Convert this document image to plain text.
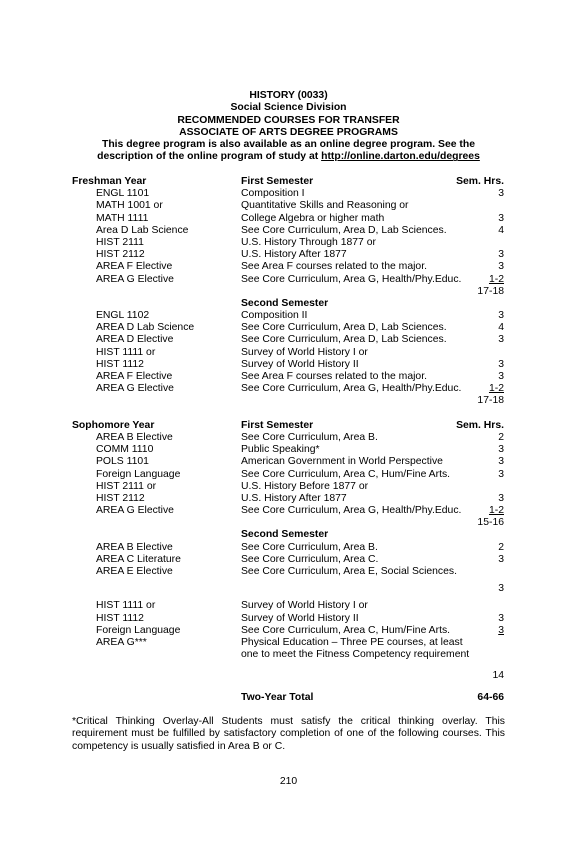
HISTORY (0033)
Social Science Division
RECOMMENDED COURSES FOR TRANSFER
ASSOCIATE OF ARTS DEGREE PROGRAMS
This degree program is also available as an online degree program. See the
description of the online program of study at http://online.darton.edu/degrees
Freshman Year	First Semester	Sem. Hrs.
ENGL 1101	Composition I	3
MATH 1001 or	Quantitative Skills and Reasoning or
MATH 1111	College Algebra or higher math	3
Area D Lab Science	See Core Curriculum, Area D, Lab Sciences.	4
HIST 2111	U.S. History Through 1877 or
HIST 2112	U.S. History After 1877	3
AREA F Elective	See Area F courses related to the major.	3
AREA G Elective	See Core Curriculum, Area G, Health/Phy.Educ.	1-2
17-18
Second Semester
ENGL 1102	Composition II	3
AREA D Lab Science	See Core Curriculum, Area D, Lab Sciences.	4
AREA D Elective	See Core Curriculum, Area D, Lab Sciences.	3
HIST 1111 or	Survey of World History I or
HIST 1112	Survey of World History II	3
AREA F Elective	See Area F courses related to the major.	3
AREA G Elective	See Core Curriculum, Area G, Health/Phy.Educ.	1-2
17-18
Sophomore Year	First Semester	Sem. Hrs.
AREA B Elective	See Core Curriculum, Area B.	2
COMM 1110	Public Speaking*	3
POLS 1101	American Government in World Perspective	3
Foreign Language	See Core Curriculum, Area C, Hum/Fine Arts.	3
HIST 2111 or	U.S. History Before 1877 or
HIST 2112	U.S. History After 1877	3
AREA G Elective	See Core Curriculum, Area G, Health/Phy.Educ.	1-2
15-16
Second Semester
AREA B Elective	See Core Curriculum, Area B.	2
AREA C Literature	See Core Curriculum, Area C.	3
AREA E Elective	See Core Curriculum, Area E, Social Sciences.
3
HIST 1111 or	Survey of World History I or
HIST 1112	Survey of World History II	3
Foreign Language	See Core Curriculum, Area C, Hum/Fine Arts.	3
AREA G***	Physical Education – Three PE courses, at least
one to meet the Fitness Competency requirement
14
Two-Year Total	64-66
*Critical Thinking Overlay-All Students must satisfy the critical thinking overlay. This requirement must be fulfilled by satisfactory completion of one of the following courses. This competency is usually satisfied in Area B or C.
210
